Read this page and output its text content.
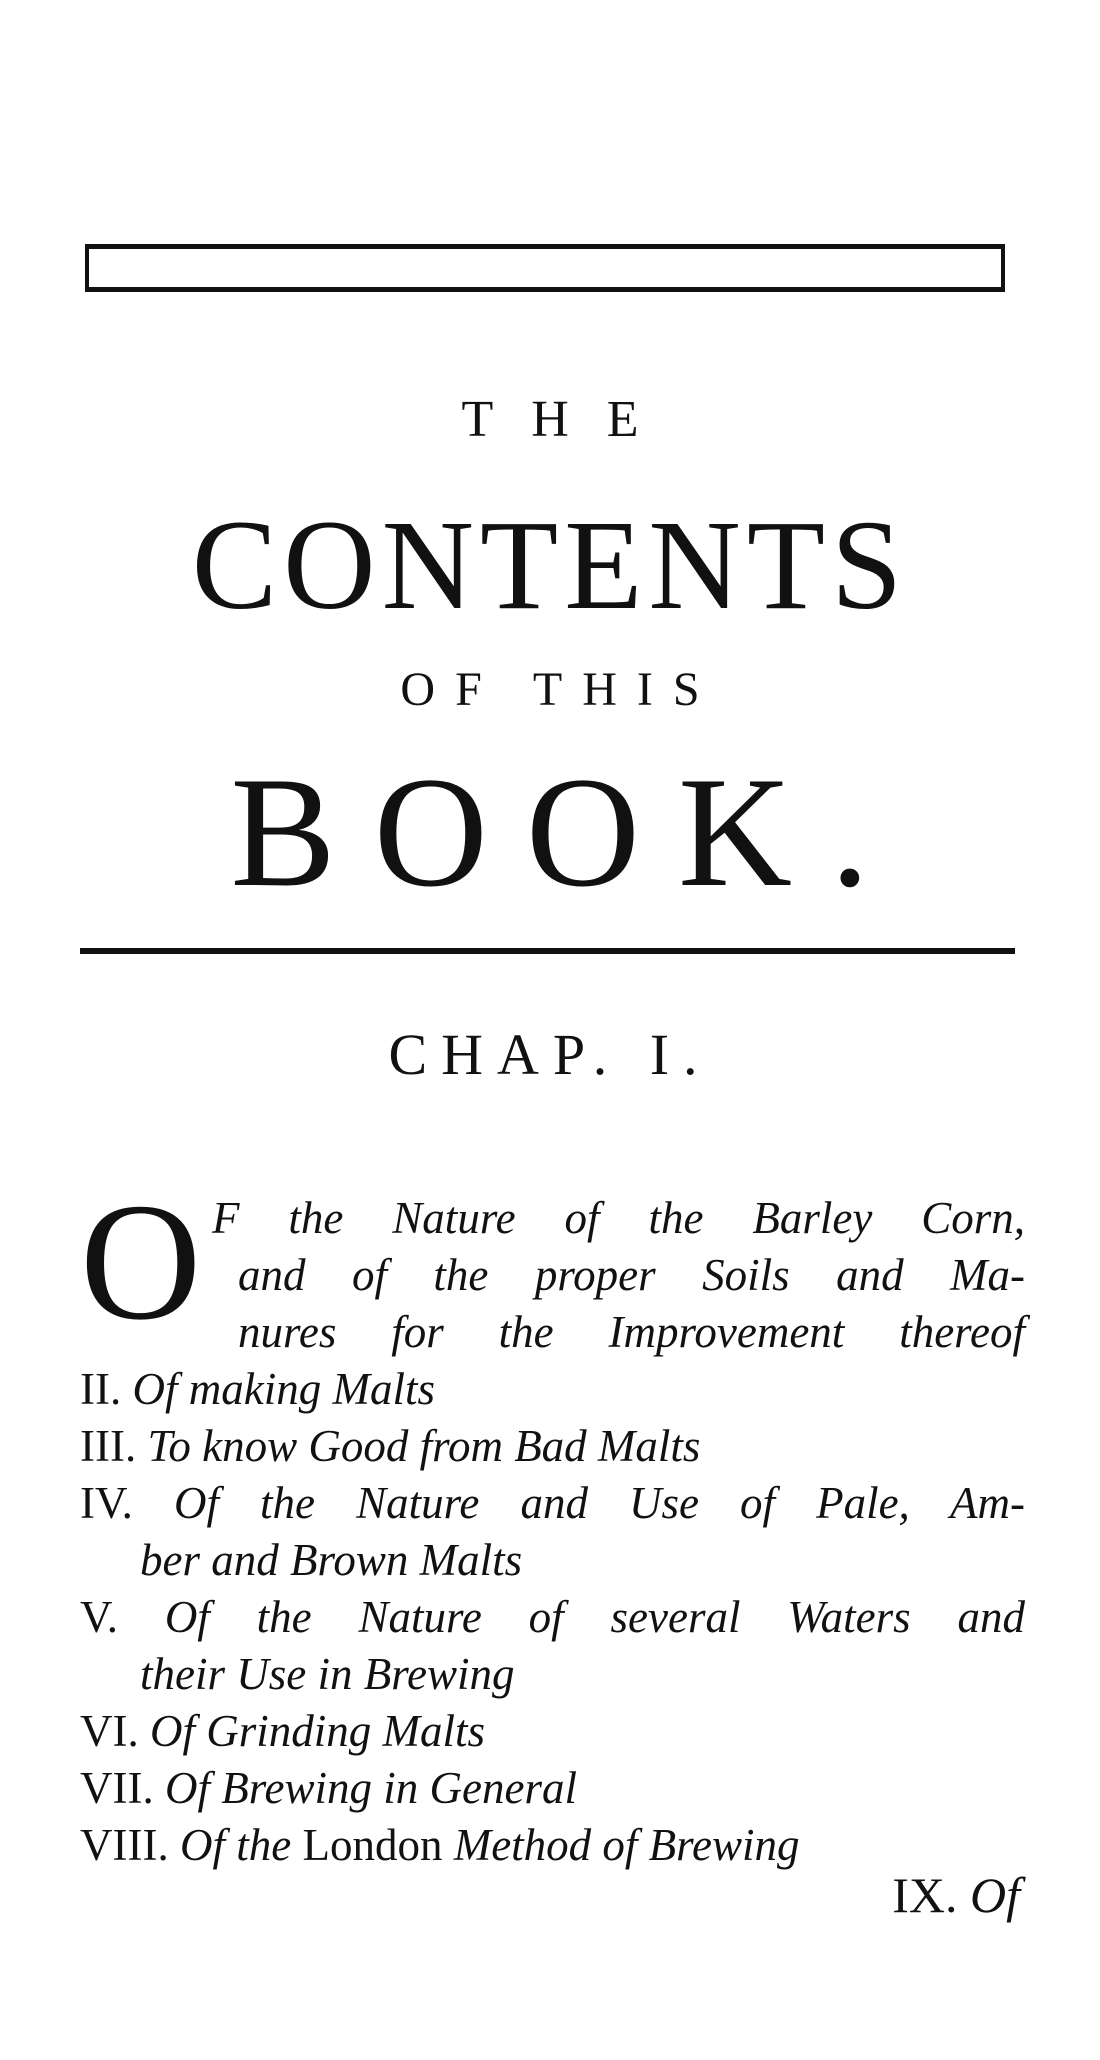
THE
CONTENTS
OF THIS
BOOK.
CHAP. I.
O F the Nature of the Barley Corn,
and of the proper Soils and Ma-
nures for the Improvement thereof
II. Of making Malts
III. To know Good from Bad Malts
IV. Of the Nature and Use of Pale, Am-
ber and Brown Malts
V. Of the Nature of several Waters and
their Use in Brewing
VI. Of Grinding Malts
VII. Of Brewing in General
VIII. Of the London Method of Brewing
IX. Of
